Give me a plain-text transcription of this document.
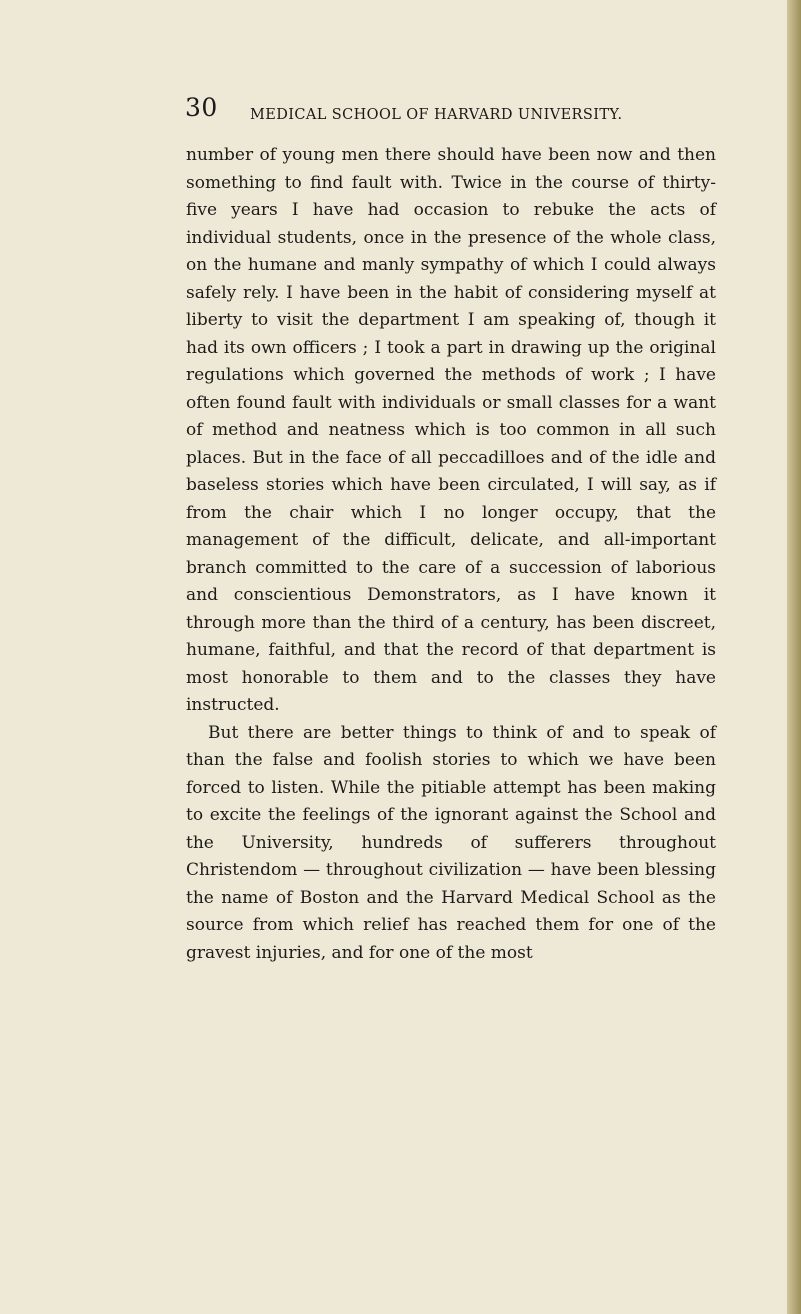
30 MEDICAL SCHOOL OF HARVARD UNIVERSITY.

number of young men there should have been now and then something to find fault with. Twice in the course of thirty-five years I have had occasion to rebuke the acts of individual students, once in the presence of the whole class, on the humane and manly sympathy of which I could always safely rely. I have been in the habit of considering myself at liberty to visit the department I am speaking of, though it had its own officers ; I took a part in drawing up the original regulations which governed the methods of work ; I have often found fault with individuals or small classes for a want of method and neatness which is too common in all such places. But in the face of all peccadilloes and of the idle and baseless stories which have been circulated, I will say, as if from the chair which I no longer occupy, that the management of the difficult, delicate, and all-important branch committed to the care of a succession of laborious and conscientious Demonstrators, as I have known it through more than the third of a century, has been discreet, humane, faithful, and that the record of that department is most honorable to them and to the classes they have instructed.

But there are better things to think of and to speak of than the false and foolish stories to which we have been forced to listen. While the pitiable attempt has been making to excite the feelings of the ignorant against the School and the University, hundreds of sufferers throughout Christendom — throughout civilization — have been blessing the name of Boston and the Harvard Medical School as the source from which relief has reached them for one of the gravest injuries, and for one of the most
